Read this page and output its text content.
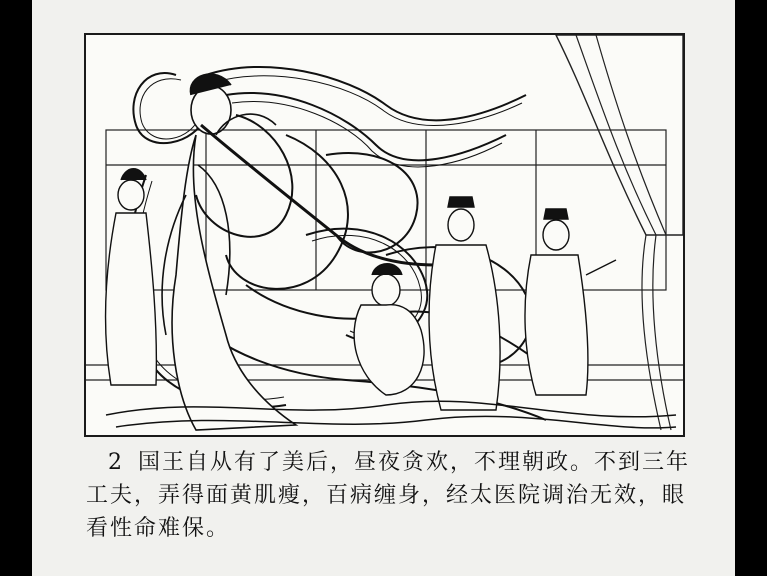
2 国王自从有了美后，昼夜贪欢，不理朝政。不到三年工夫，弄得面黄肌瘦，百病缠身，经太医院调治无效，眼看性命难保。
